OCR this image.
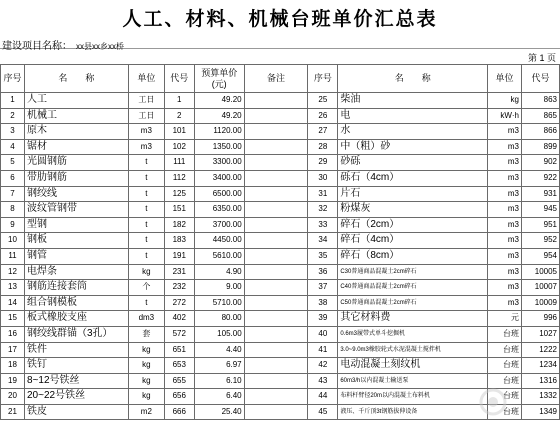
人工、材料、机械台班单价汇总表
建设项目名称： xx县xx乡xx桥
第 1 页
序号	名　　称	单位	代号	预算单价
(元)	备注	序号	名　　称	单位	代号
1	人工	工日	1	49.20		25	柴油	kg	863
2	机械工	工日	2	49.20		26	电	kW·h	865
3	原木	m3	101	1120.00		27	水	m3	866
4	锯材	m3	102	1350.00		28	中（粗）砂	m3	899
5	光圆钢筋	t	111	3300.00		29	砂砾	m3	902
6	带肋钢筋	t	112	3400.00		30	砾石（4cm）	m3	922
7	钢绞线	t	125	6500.00		31	片石	m3	931
8	波纹管钢带	t	151	6350.00		32	粉煤灰	m3	945
9	型钢	t	182	3700.00		33	碎石（2cm）	m3	951
10	钢板	t	183	4450.00		34	碎石（4cm）	m3	952
11	钢管	t	191	5610.00		35	碎石（8cm）	m3	954
12	电焊条	kg	231	4.90		36	C30普通商品混凝土2cm碎石	m3	10005
13	钢筋连接套筒	个	232	9.00		37	C40普通商品混凝土2cm碎石	m3	10007
14	组合钢模板	t	272	5710.00		38	C50普通商品混凝土2cm碎石	m3	10009
15	板式橡胶支座	dm3	402	80.00		39	其它材料费	元	996
16	钢绞线群锚（3孔）	套	572	105.00		40	0.6m3履带式单斗挖掘机	台班	1027
17	铁件	kg	651	4.40		41	3.0~9.0m3橡胶轮式水泥混凝土搅拌机	台班	1222
18	铁钉	kg	653	6.97		42	电动混凝土刻纹机	台班	1234
19	8~12号铁丝	kg	655	6.10		43	60m3/h以内混凝土输送泵	台班	1316
20	20~22号铁丝	kg	656	6.40		44	布料杆臂径20m以内混凝土布料机	台班	1332
21	铁皮	m2	666	25.40		45	液压、千斤顶3t钢筋拔伸设备	台班	1349
